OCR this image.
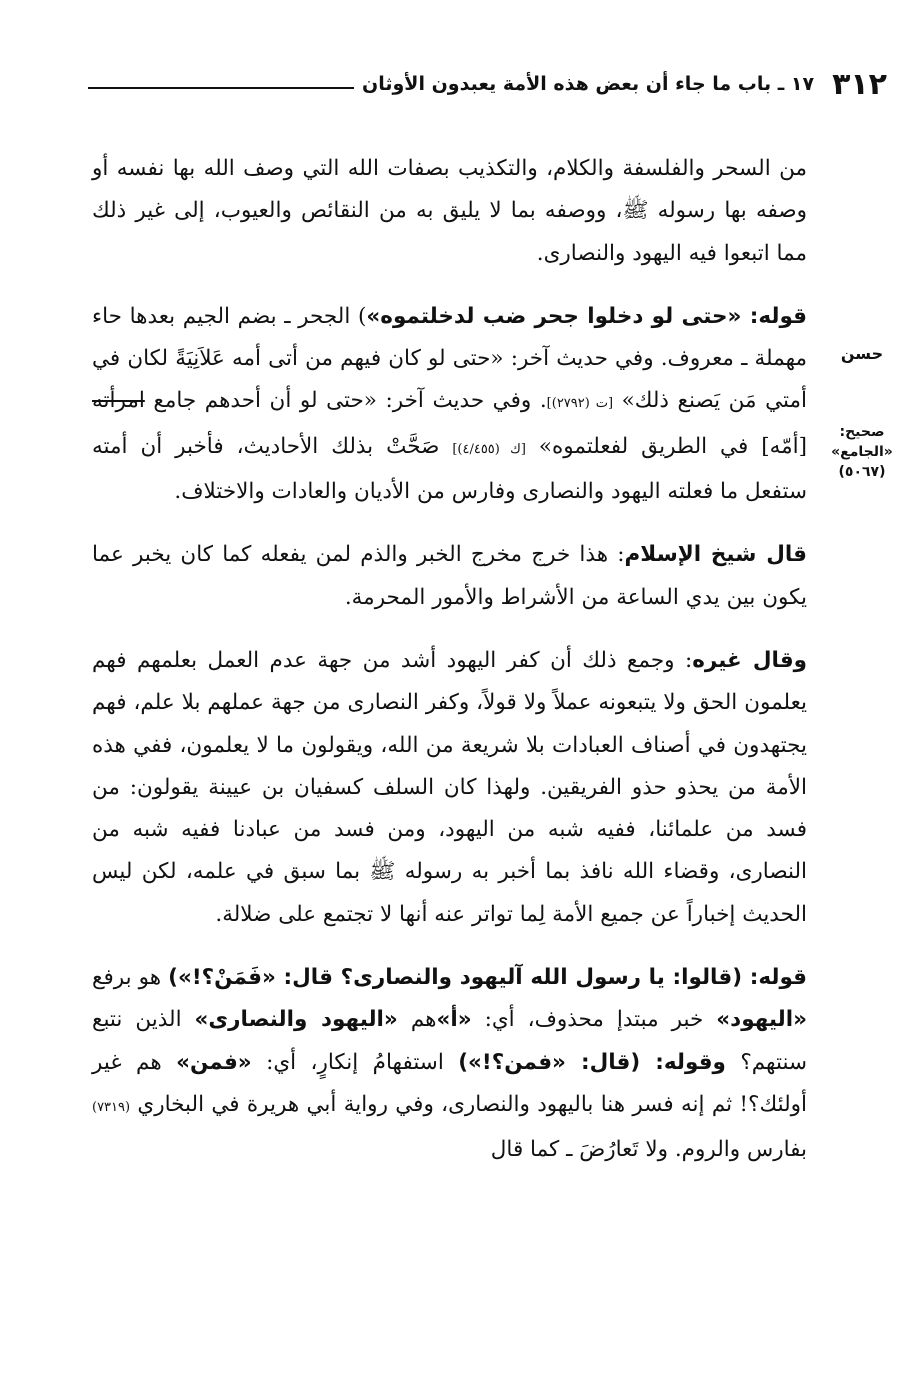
٣١٢
١٧ ـ باب ما جاء أن بعض هذه الأمة يعبدون الأوثان
حسن
صحيح:
«الجامع»
(٥٠٦٧)

من السحر والفلسفة والكلام، والتكذيب بصفات الله التي وصف الله بها نفسه أو وصفه بها رسوله ﷺ، ووصفه بما لا يليق به من النقائص والعيوب، إلى غير ذلك مما اتبعوا فيه اليهود والنصارى.

قوله: «حتى لو دخلوا جحر ضب لدخلتموه») الجحر ـ بضم الجيم بعدها حاء مهملة ـ معروف. وفي حديث آخر: «حتى لو كان فيهم من أتى أمه عَلاَنِيَةً لكان في أمتي مَن يَصنع ذلك» [ت (٢٧٩٢)]. وفي حديث آخر: «حتى لو أن أحدهم جامع امرأته [أمّه] في الطريق لفعلتموه» [ك (٤/٤٥٥)] صَحَّتْ بذلك الأحاديث، فأخبر أن أمته ستفعل ما فعلته اليهود والنصارى وفارس من الأديان والعادات والاختلاف.

قال شيخ الإسلام: هذا خرج مخرج الخبر والذم لمن يفعله كما كان يخبر عما يكون بين يدي الساعة من الأشراط والأمور المحرمة.

وقال غيره: وجمع ذلك أن كفر اليهود أشد من جهة عدم العمل بعلمهم فهم يعلمون الحق ولا يتبعونه عملاً ولا قولاً، وكفر النصارى من جهة عملهم بلا علم، فهم يجتهدون في أصناف العبادات بلا شريعة من الله، ويقولون ما لا يعلمون، ففي هذه الأمة من يحذو حذو الفريقين. ولهذا كان السلف كسفيان بن عيينة يقولون: من فسد من علمائنا، ففيه شبه من اليهود، ومن فسد من عبادنا ففيه شبه من النصارى، وقضاء الله نافذ بما أخبر به رسوله ﷺ بما سبق في علمه، لكن ليس الحديث إخباراً عن جميع الأمة لِما تواتر عنه أنها لا تجتمع على ضلالة.

قوله: (قالوا: يا رسول الله آليهود والنصارى؟ قال: «فَمَنْ؟!») هو برفع «اليهود» خبر مبتدإ محذوف، أي: «أ»هم «اليهود والنصارى» الذين نتبع سنتهم؟ وقوله: (قال: «فمن؟!») استفهامُ إنكارٍ، أي: «فمن» هم غير أولئك؟! ثم إنه فسر هنا باليهود والنصارى، وفي رواية أبي هريرة في البخاري (٧٣١٩) بفارس والروم. ولا تَعارُضَ ـ كما قال
